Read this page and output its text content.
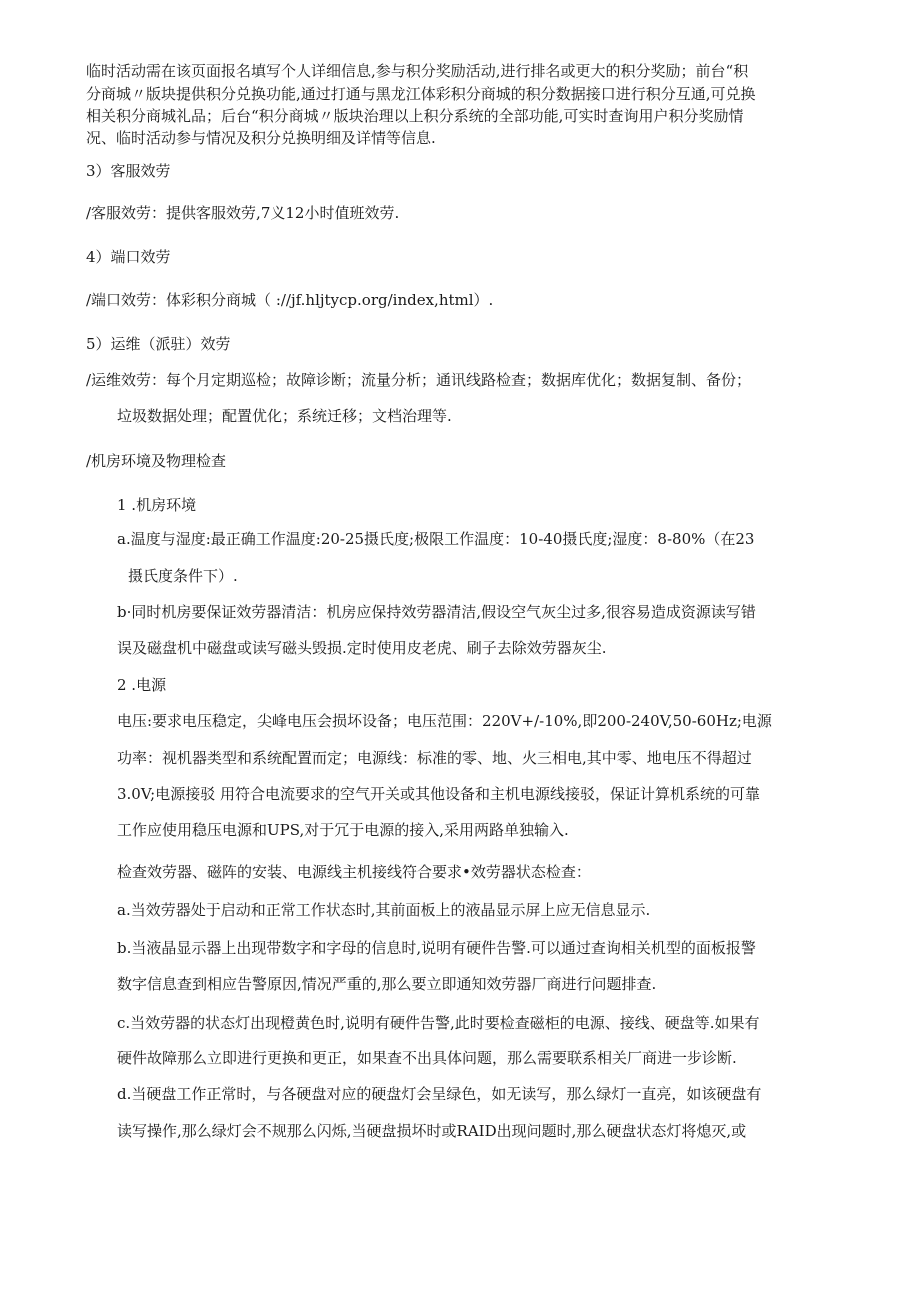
临时活动需在该页面报名填写个人详细信息,参与积分奖励活动,进行排名或更大的积分奖励；前台“积
分商城〃版块提供积分兑换功能,通过打通与黑龙江体彩积分商城的积分数据接口进行积分互通,可兑换
相关积分商城礼品；后台“积分商城〃版块治理以上积分系统的全部功能,可实时查询用户积分奖励情
况、临时活动参与情况及积分兑换明细及详情等信息.
3）客服效劳
/客服效劳：提供客服效劳,7义12小时值班效劳.
4）端口效劳
/端口效劳：体彩积分商城（ ://jf.hljtycp.org/index,html）.
5）运维（派驻）效劳
/运维效劳：每个月定期巡检；故障诊断；流量分析；通讯线路检查；数据库优化；数据复制、备份；
垃圾数据处理；配置优化；系统迁移；文档治理等.
/机房环境及物理检查
1 .机房环境
a.温度与湿度:最正确工作温度:20-25摄氏度;极限工作温度：10-40摄氏度;湿度：8-80%（在23
摄氏度条件下）.
b·同时机房要保证效劳器清洁：机房应保持效劳器清洁,假设空气灰尘过多,很容易造成资源读写错
误及磁盘机中磁盘或读写磁头毁损.定时使用皮老虎、刷子去除效劳器灰尘.
2 .电源
电压:要求电压稳定，尖峰电压会损坏设备；电压范围：220V+/-10%,即200-240V,50-60Hz;电源
功率：视机器类型和系统配置而定；电源线：标准的零、地、火三相电,其中零、地电压不得超过
3.0V;电源接驳 用符合电流要求的空气开关或其他设备和主机电源线接驳，保证计算机系统的可靠
工作应使用稳压电源和UPS,对于冗于电源的接入,采用两路单独输入.
检查效劳器、磁阵的安装、电源线主机接线符合要求•效劳器状态检查：
a.当效劳器处于启动和正常工作状态时,其前面板上的液晶显示屏上应无信息显示.
b.当液晶显示器上出现带数字和字母的信息时,说明有硬件告警.可以通过查询相关机型的面板报警
数字信息查到相应告警原因,情况严重的,那么要立即通知效劳器厂商进行问题排查.
c.当效劳器的状态灯出现橙黄色时,说明有硬件告警,此时要检查磁柜的电源、接线、硬盘等.如果有
硬件故障那么立即进行更换和更正，如果查不出具体问题，那么需要联系相关厂商进一步诊断.
d.当硬盘工作正常时，与各硬盘对应的硬盘灯会呈绿色，如无读写，那么绿灯一直亮，如该硬盘有
读写操作,那么绿灯会不规那么闪烁,当硬盘损坏时或RAID出现问题时,那么硬盘状态灯将熄灭,或
